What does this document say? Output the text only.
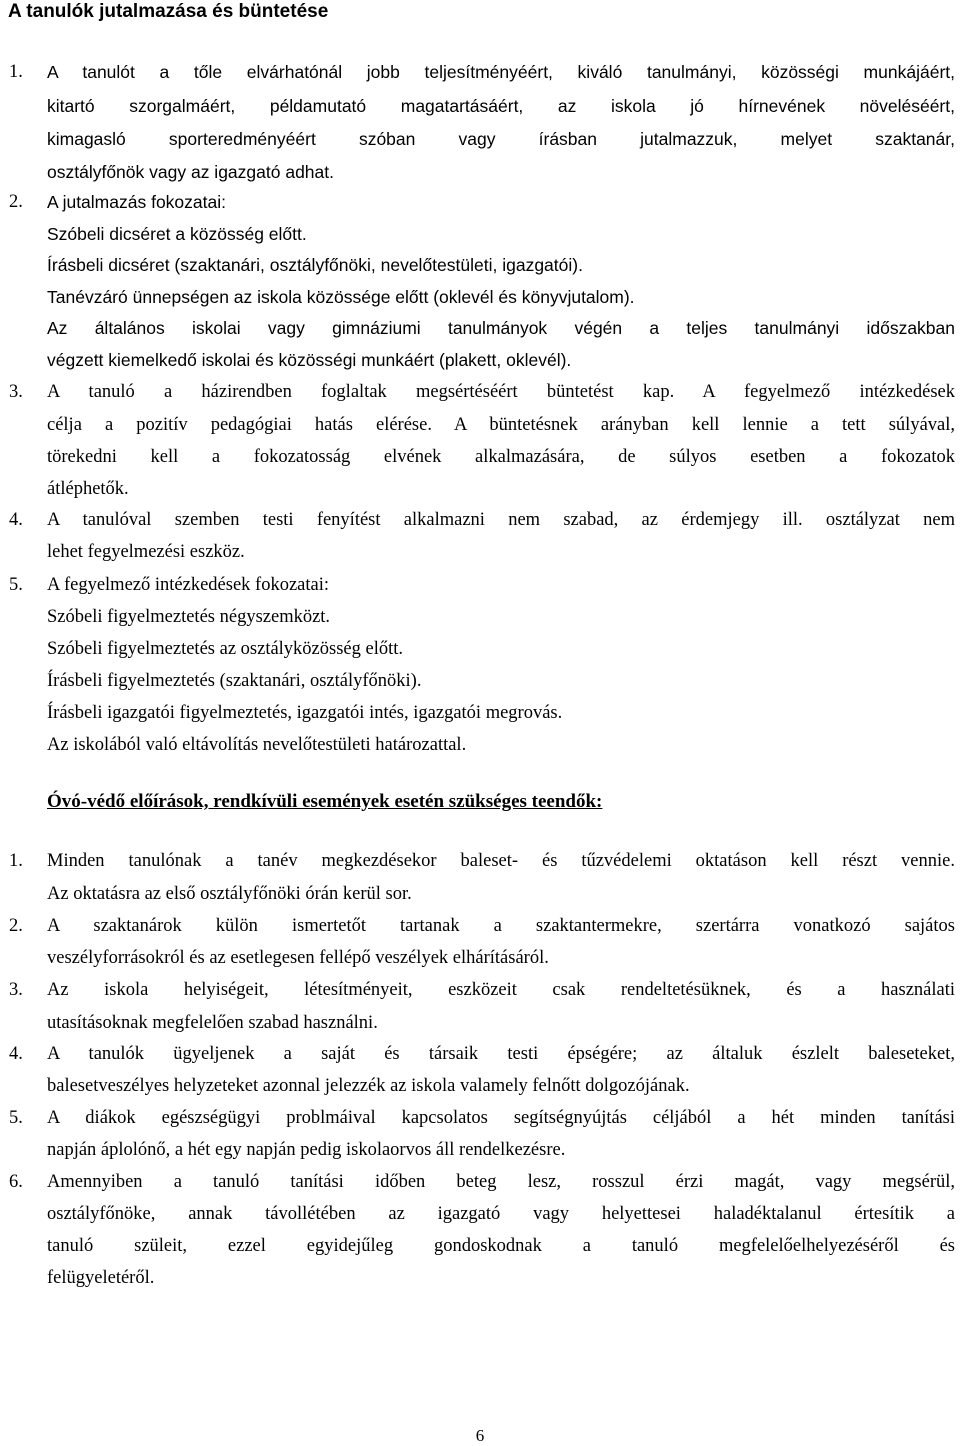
A tanulók jutalmazása és büntetése
1. A tanulót a tőle elvárhatónál jobb teljesítményéért, kiváló tanulmányi, közösségi munkájáért,
kitartó szorgalmáért, példamutató magatartásáért, az iskola jó hírnevének növeléséért,
kimagasló sporteredményéért szóban vagy írásban jutalmazzuk, melyet szaktanár,
osztályfőnök vagy az igazgató adhat.
2. A jutalmazás fokozatai:
Szóbeli dicséret a közösség előtt.
Írásbeli dicséret (szaktanári, osztályfőnöki, nevelőtestületi, igazgatói).
Tanévzáró ünnepségen az iskola közössége előtt (oklevél és könyvjutalom).
Az általános iskolai vagy gimnáziumi tanulmányok végén a teljes tanulmányi időszakban
végzett kiemelkedő iskolai és közösségi munkáért (plakett, oklevél).
3. A tanuló a házirendben foglaltak megsértéséért büntetést kap. A fegyelmező intézkedések
célja a pozitív pedagógiai hatás elérése. A büntetésnek arányban kell lennie a tett súlyával,
törekedni kell a fokozatosság elvének alkalmazására, de súlyos esetben a fokozatok
átléphetők.
4. A tanulóval szemben testi fenyítést alkalmazni nem szabad, az érdemjegy ill. osztályzat nem
lehet fegyelmezési eszköz.
5. A fegyelmező intézkedések fokozatai:
Szóbeli figyelmeztetés négyszemközt.
Szóbeli figyelmeztetés az osztályközösség előtt.
Írásbeli figyelmeztetés (szaktanári, osztályfőnöki).
Írásbeli igazgatói figyelmeztetés, igazgatói intés, igazgatói megrovás.
Az iskolából való eltávolítás nevelőtestületi határozattal.
Óvó-védő előírások, rendkívüli események esetén szükséges teendők:
1. Minden tanulónak a tanév megkezdésekor baleset- és tűzvédelemi oktatáson kell részt vennie.
Az oktatásra az első osztályfőnöki órán kerül sor.
2. A szaktanárok külön ismertetőt tartanak a szaktantermekre, szertárra vonatkozó sajátos
veszélyforrásokról és az esetlegesen fellépő veszélyek elhárításáról.
3. Az iskola helyiségeit, létesítményeit, eszközeit csak rendeltetésüknek, és a használati
utasításoknak megfelelően szabad használni.
4. A tanulók ügyeljenek a saját és társaik testi épségére; az általuk észlelt baleseteket,
balesetveszélyes helyzeteket azonnal jelezzék az iskola valamely felnőtt dolgozójának.
5. A diákok egészségügyi problmáival kapcsolatos segítségnyújtás céljából a hét minden tanítási
napján áplolónő, a hét egy napján pedig iskolaorvos áll rendelkezésre.
6. Amennyiben a tanuló tanítási időben beteg lesz, rosszul érzi magát, vagy megsérül,
osztályfőnöke, annak távollétében az igazgató vagy helyettesei haladéktalanul értesítik a
tanuló szüleit, ezzel egyidejűleg gondoskodnak a tanuló megfelelőelhelyezéséről és
felügyeletéről.
6
